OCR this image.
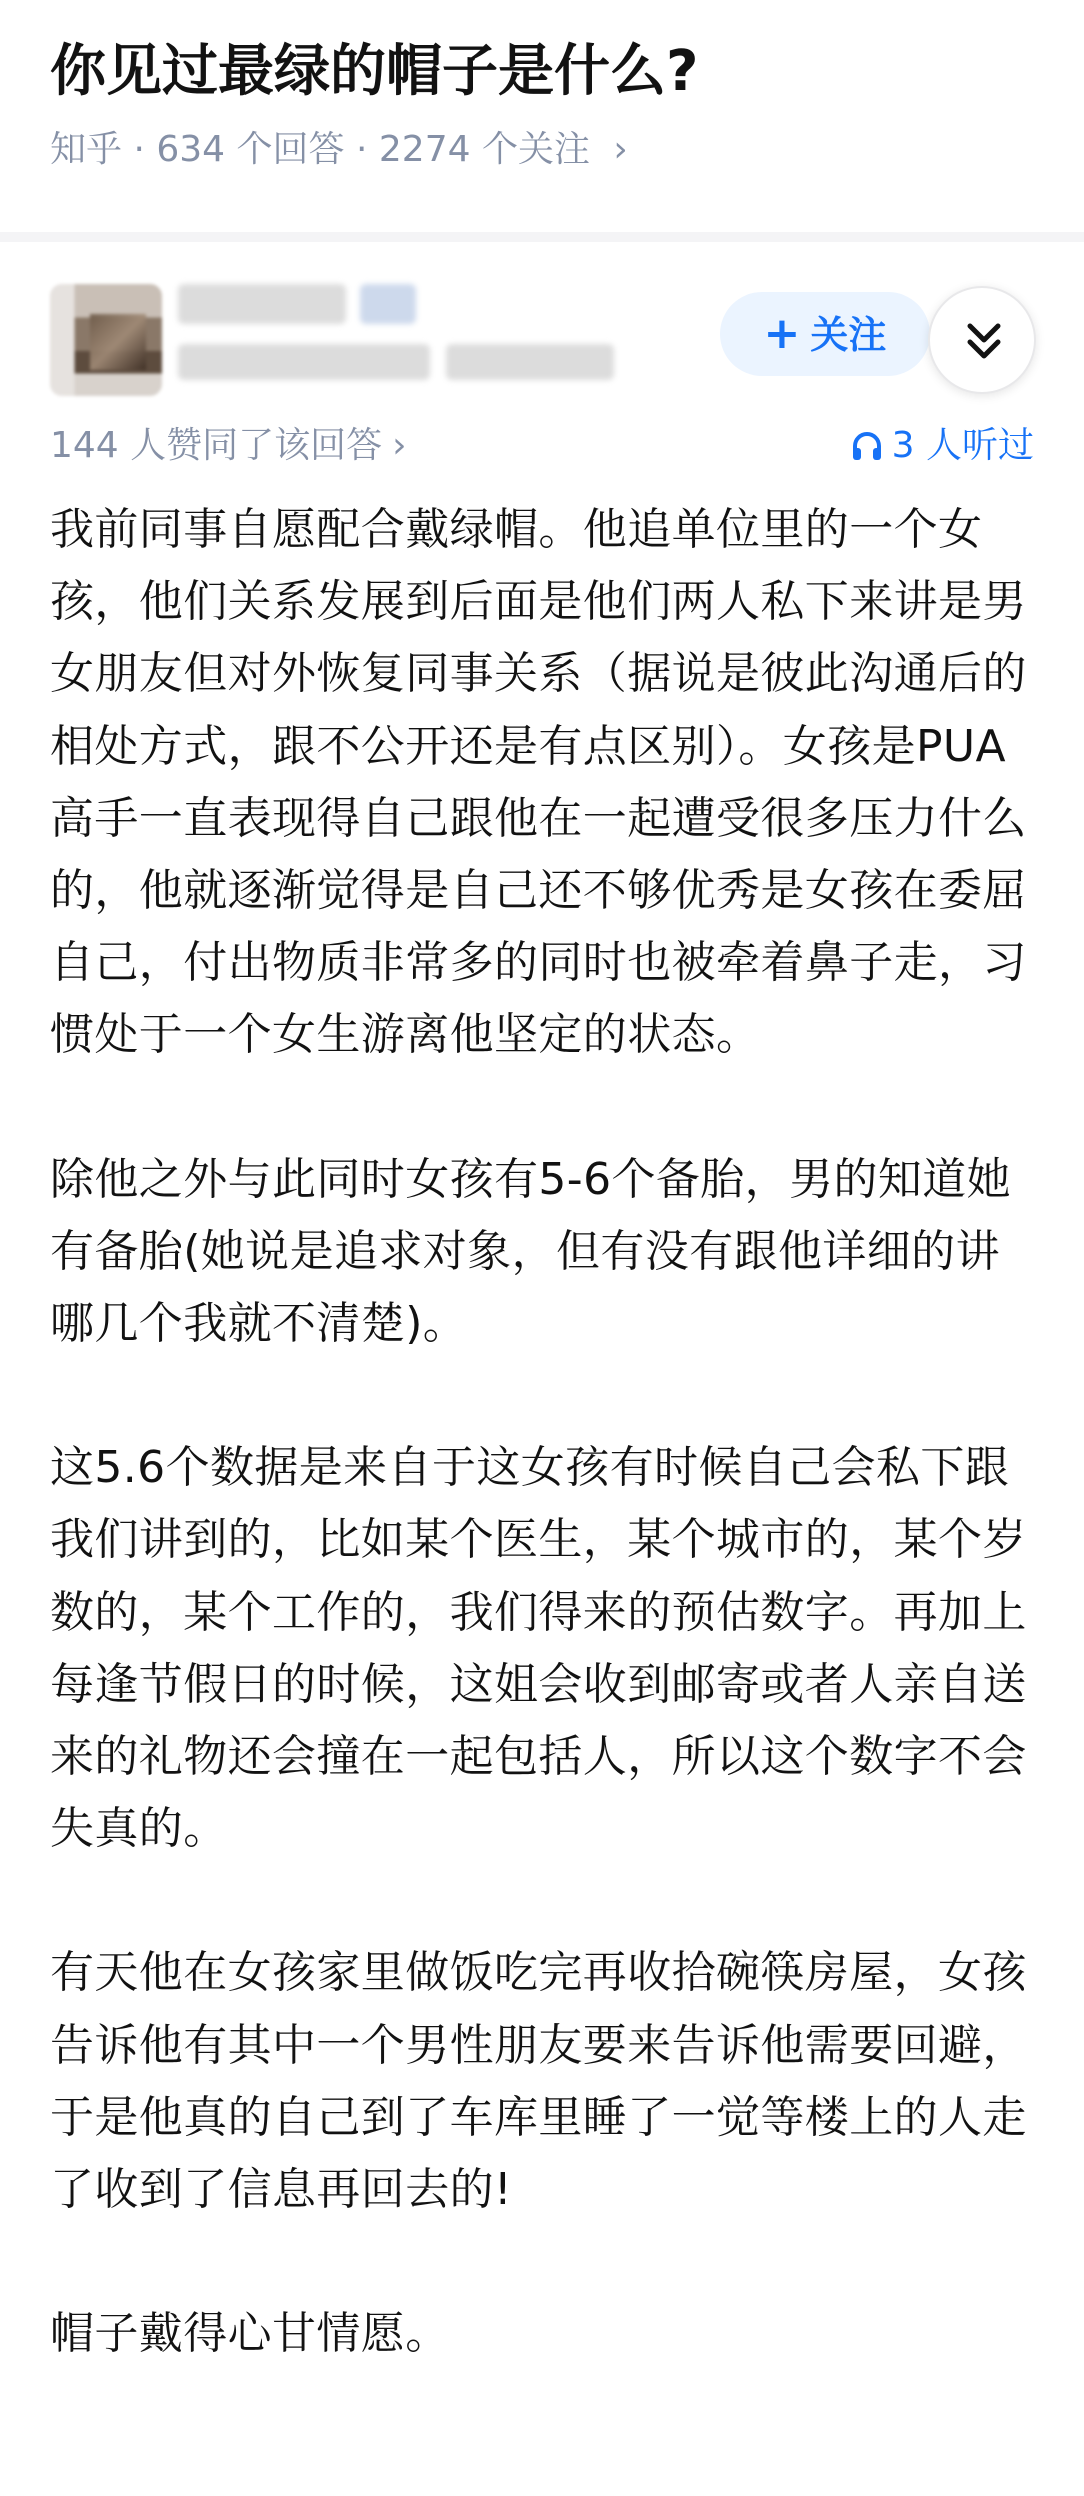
你见过最绿的帽子是什么?
知乎 · 634 个回答 · 2274 个关注 ›
+ 关注
144 人赞同了该回答 ›	3 人听过

我前同事自愿配合戴绿帽。他追单位里的一个女孩，他们关系发展到后面是他们两人私下来讲是男女朋友但对外恢复同事关系（据说是彼此沟通后的相处方式，跟不公开还是有点区别）。女孩是PUA高手一直表现得自己跟他在一起遭受很多压力什么的，他就逐渐觉得是自己还不够优秀是女孩在委屈自己，付出物质非常多的同时也被牵着鼻子走，习惯处于一个女生游离他坚定的状态。

除他之外与此同时女孩有5-6个备胎，男的知道她有备胎(她说是追求对象，但有没有跟他详细的讲哪几个我就不清楚)。

这5.6个数据是来自于这女孩有时候自己会私下跟我们讲到的，比如某个医生，某个城市的，某个岁数的，某个工作的，我们得来的预估数字。再加上每逢节假日的时候，这姐会收到邮寄或者人亲自送来的礼物还会撞在一起包括人，所以这个数字不会失真的。

有天他在女孩家里做饭吃完再收拾碗筷房屋，女孩告诉他有其中一个男性朋友要来告诉他需要回避，于是他真的自己到了车库里睡了一觉等楼上的人走了收到了信息再回去的!

帽子戴得心甘情愿。
